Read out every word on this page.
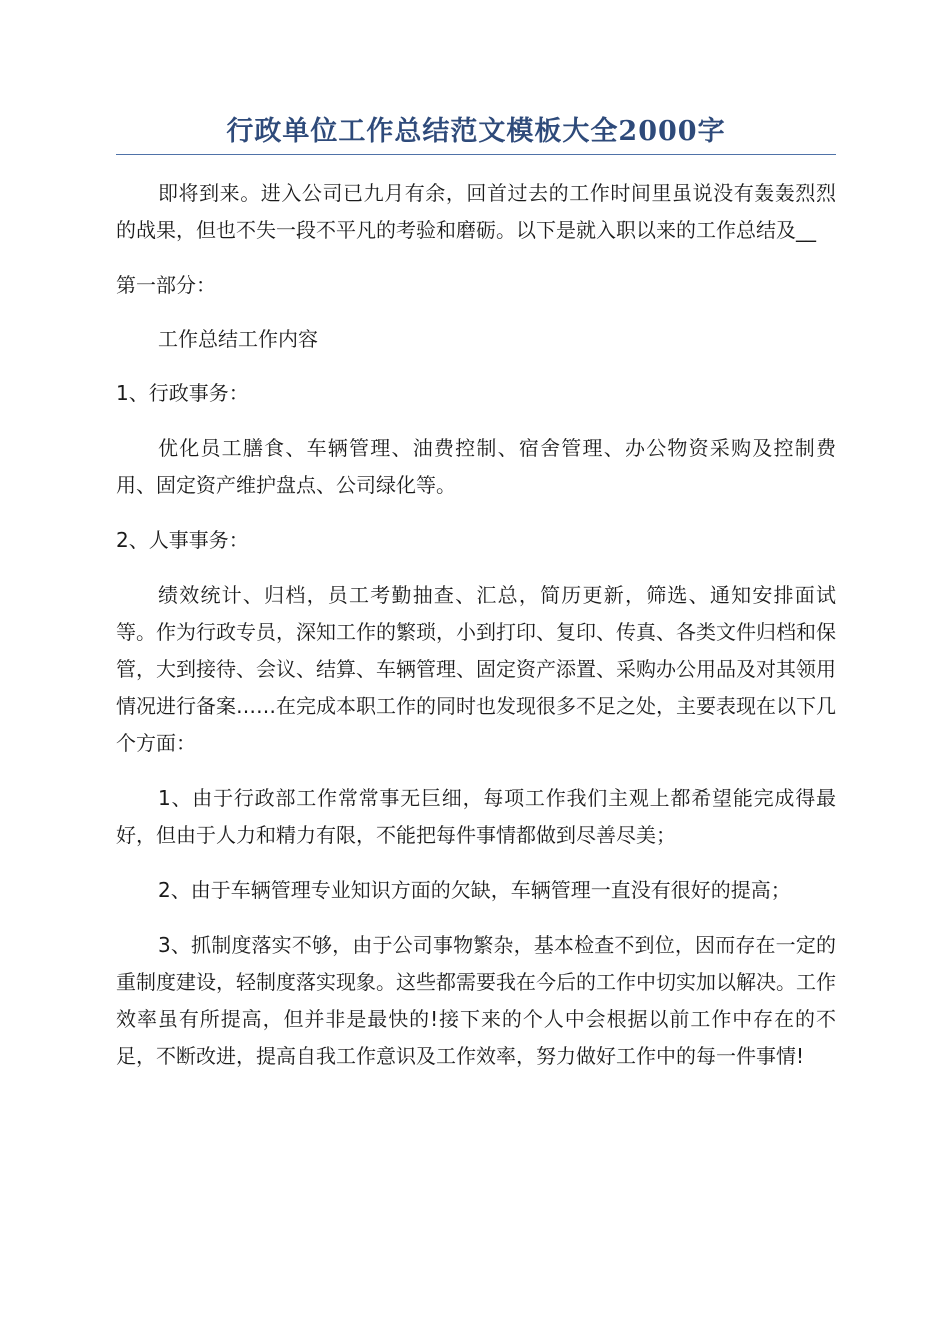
行政单位工作总结范文模板大全2000字

即将到来。进入公司已九月有余，回首过去的工作时间里虽说没有轰轰烈烈的战果，但也不失一段不平凡的考验和磨砺。以下是就入职以来的工作总结及__

第一部分：

工作总结工作内容

1、行政事务：

优化员工膳食、车辆管理、油费控制、宿舍管理、办公物资采购及控制费用、固定资产维护盘点、公司绿化等。

2、人事事务：

绩效统计、归档，员工考勤抽查、汇总，简历更新，筛选、通知安排面试等。作为行政专员，深知工作的繁琐，小到打印、复印、传真、各类文件归档和保管，大到接待、会议、结算、车辆管理、固定资产添置、采购办公用品及对其领用情况进行备案……在完成本职工作的同时也发现很多不足之处，主要表现在以下几个方面：

1、由于行政部工作常常事无巨细，每项工作我们主观上都希望能完成得最好，但由于人力和精力有限，不能把每件事情都做到尽善尽美；

2、由于车辆管理专业知识方面的欠缺，车辆管理一直没有很好的提高；

3、抓制度落实不够，由于公司事物繁杂，基本检查不到位，因而存在一定的重制度建设，轻制度落实现象。这些都需要我在今后的工作中切实加以解决。工作效率虽有所提高，但并非是最快的!接下来的个人中会根据以前工作中存在的不足，不断改进，提高自我工作意识及工作效率，努力做好工作中的每一件事情!
